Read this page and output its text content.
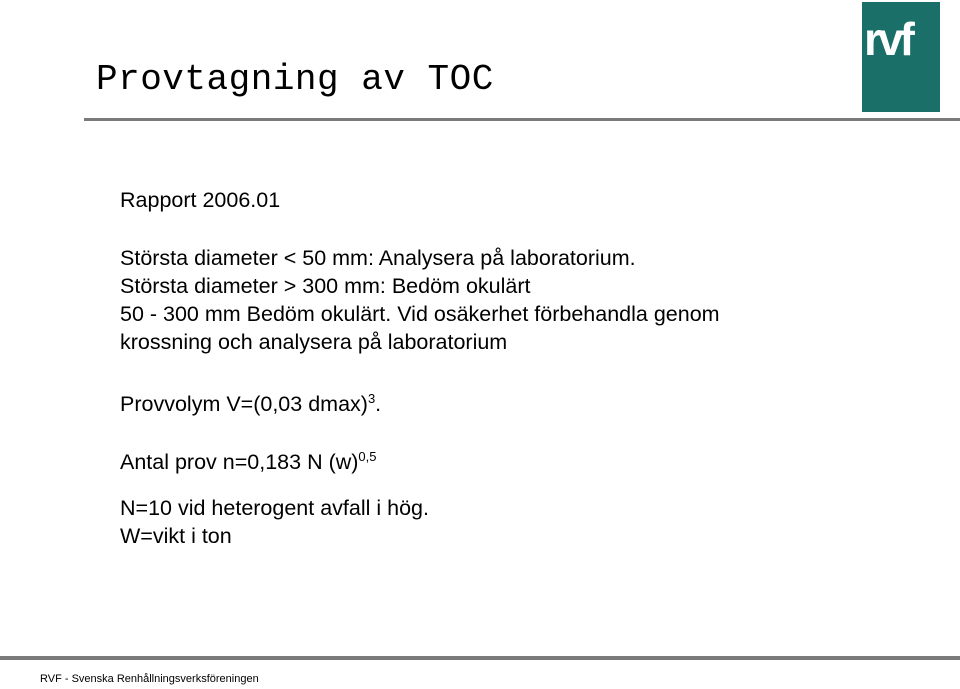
Provtagning av TOC
rvf
Rapport 2006.01
Största diameter < 50 mm: Analysera på laboratorium.
Största diameter > 300 mm: Bedöm okulärt
50 - 300 mm Bedöm okulärt. Vid osäkerhet förbehandla genom
krossning och analysera på laboratorium
Provvolym V=(0,03 dmax)$^3$.
Antal prov n=0,183 N $(w)^{0,5}$
N=10 vid heterogent avfall i hög.
W=vikt i ton
RVF - Svenska Renhållningsverksföreningen
